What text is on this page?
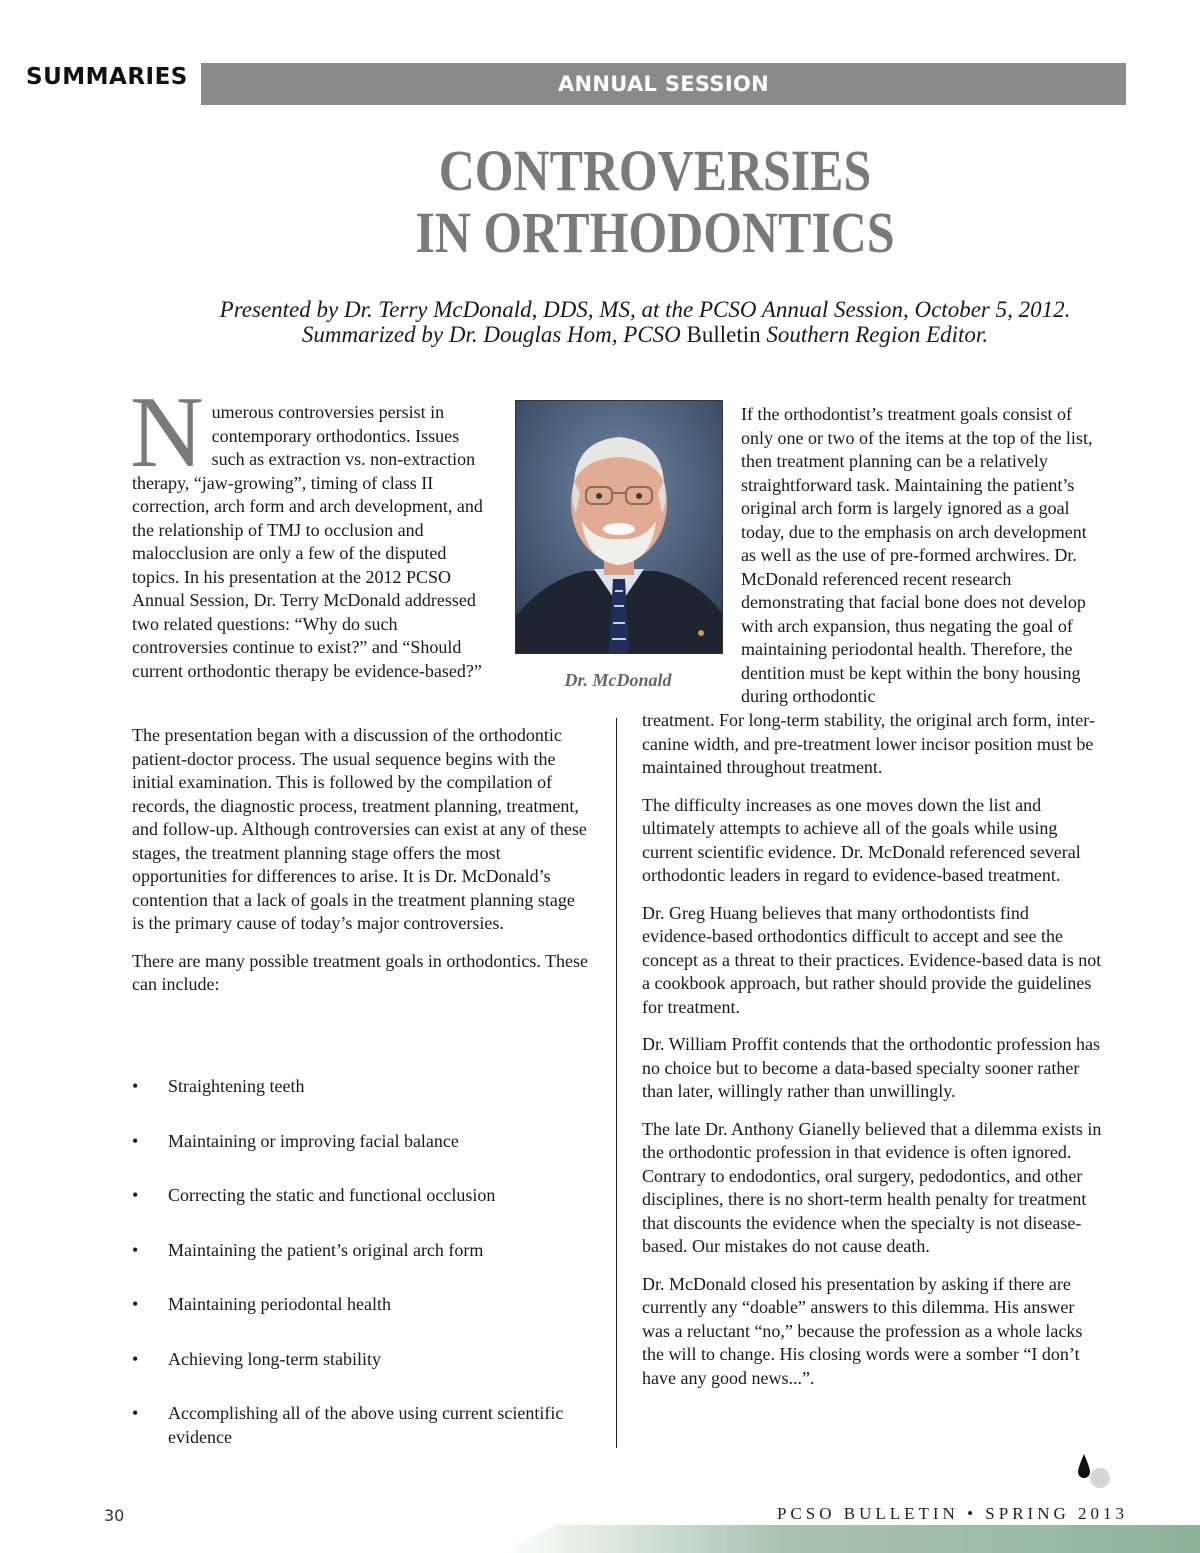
SUMMARIES	ANNUAL SESSION
CONTROVERSIES
IN ORTHODONTICS
Presented by Dr. Terry McDonald, DDS, MS, at the PCSO Annual Session, October 5, 2012.
Summarized by Dr. Douglas Hom, PCSO Bulletin Southern Region Editor.
Numerous controversies persist in contemporary orthodontics. Issues such as extraction vs. non-extraction therapy, “jaw-growing”, timing of class II correction, arch form and arch development, and the relationship of TMJ to occlusion and malocclusion are only a few of the disputed topics. In his presentation at the 2012 PCSO Annual Session, Dr. Terry McDonald addressed two related questions: “Why do such controversies continue to exist?” and “Should current orthodontic therapy be evidence-based?”	Dr. McDonald

If the orthodontist’s treatment goals consist of only one or two of the items at the top of the list, then treatment planning can be a relatively straightforward task. Maintaining the patient’s original arch form is largely ignored as a goal today, due to the emphasis on arch development as well as the use of pre-formed archwires. Dr. McDonald referenced recent research demonstrating that facial bone does not develop with arch expansion, thus negating the goal of maintaining periodontal health. Therefore, the dentition must be kept within the bony housing during orthodontic

The presentation began with a discussion of the orthodontic patient-doctor process. The usual sequence begins with the initial examination. This is followed by the compilation of records, the diagnostic process, treatment planning, treatment, and follow-up. Although controversies can exist at any of these stages, the treatment planning stage offers the most opportunities for differences to arise. It is Dr. McDonald’s contention that a lack of goals in the treatment planning stage is the primary cause of today’s major controversies.

There are many possible treatment goals in orthodontics. These can include:

• Straightening teeth
• Maintaining or improving facial balance
• Correcting the static and functional occlusion
• Maintaining the patient’s original arch form
• Maintaining periodontal health
• Achieving long-term stability
• Accomplishing all of the above using current scientific evidence

treatment. For long-term stability, the original arch form, inter-canine width, and pre-treatment lower incisor position must be maintained throughout treatment.

The difficulty increases as one moves down the list and ultimately attempts to achieve all of the goals while using current scientific evidence. Dr. McDonald referenced several orthodontic leaders in regard to evidence-based treatment.

Dr. Greg Huang believes that many orthodontists find evidence-based orthodontics difficult to accept and see the concept as a threat to their practices. Evidence-based data is not a cookbook approach, but rather should provide the guidelines for treatment.

Dr. William Proffit contends that the orthodontic profession has no choice but to become a data-based specialty sooner rather than later, willingly rather than unwillingly.

The late Dr. Anthony Gianelly believed that a dilemma exists in the orthodontic profession in that evidence is often ignored. Contrary to endodontics, oral surgery, pedodontics, and other disciplines, there is no short-term health penalty for treatment that discounts the evidence when the specialty is not disease-based. Our mistakes do not cause death.

Dr. McDonald closed his presentation by asking if there are currently any “doable” answers to this dilemma. His answer was a reluctant “no,” because the profession as a whole lacks the will to change. His closing words were a somber “I don’t have any good news...”.

30	PCSO BULLETIN • SPRING 2013
